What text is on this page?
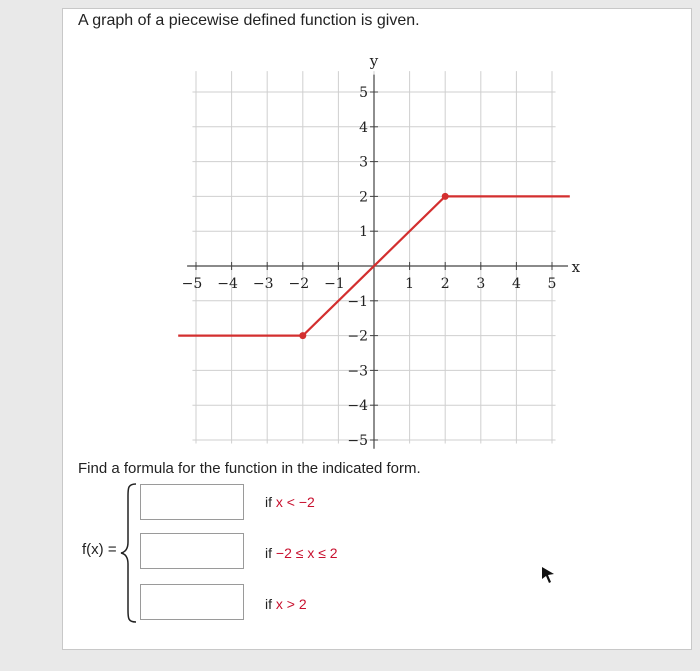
A graph of a piecewise defined function is given.
−5 −4 −3 −2 −1	1 2 3 4 5
5
4
3
2
1
−1
−2
−3
−4
−5
x
y
Find a formula for the function in the indicated form.
f(x) =
if x < −2
if −2 ≤ x ≤ 2
if x > 2
